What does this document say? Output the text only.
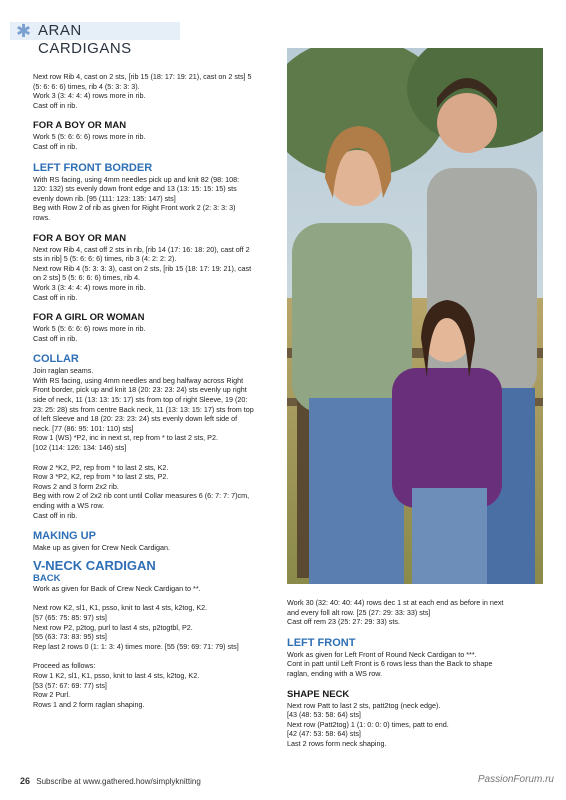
✱ ARAN CARDIGANS

Next row Rib 4, cast on 2 sts, [rib 15 (18: 17: 19: 21), cast on 2 sts] 5

(5: 6: 6: 6) times, rib 4 (5: 3: 3: 3).

Work 3 (3: 4: 4: 4) rows more in rib.

Cast off in rib.

FOR A BOY OR MAN

Work 5 (5: 6: 6: 6) rows more in rib.

Cast off in rib.

LEFT FRONT BORDER

With RS facing, using 4mm needles pick up and knit 82 (98: 108:

120: 132) sts evenly down front edge and 13 (13: 15: 15: 15) sts

evenly down rib. [95 (111: 123: 135: 147) sts]

Beg with Row 2 of rib as given for Right Front work 2 (2: 3: 3: 3)

rows.

FOR A BOY OR MAN

Next row Rib 4, cast off 2 sts in rib, [rib 14 (17: 16: 18: 20), cast off 2

sts in rib] 5 (5: 6: 6: 6) times, rib 3 (4: 2: 2: 2).

Next row Rib 4 (5: 3: 3: 3), cast on 2 sts, [rib 15 (18: 17: 19: 21), cast

on 2 sts] 5 (5: 6: 6: 6) times, rib 4.

Work 3 (3: 4: 4: 4) rows more in rib.

Cast off in rib.

FOR A GIRL OR WOMAN

Work 5 (5: 6: 6: 6) rows more in rib.

Cast off in rib.

COLLAR

Join raglan seams.

With RS facing, using 4mm needles and beg halfway across Right

Front border, pick up and knit 18 (20: 23: 23: 24) sts evenly up right

side of neck, 11 (13: 13: 15: 17) sts from top of right Sleeve, 19 (20:

23: 25: 28) sts from centre Back neck, 11 (13: 13: 15: 17) sts from top

of left Sleeve and 18 (20: 23: 23: 24) sts evenly down left side of

neck. [77 (86: 95: 101: 110) sts]

Row 1 (WS) *P2, inc in next st, rep from * to last 2 sts, P2.

[102 (114: 126: 134: 146) sts]

Row 2 *K2, P2, rep from * to last 2 sts, K2.

Row 3 *P2, K2, rep from * to last 2 sts, P2.

Rows 2 and 3 form 2x2 rib.

Beg with row 2 of 2x2 rib cont until Collar measures 6 (6: 7: 7: 7)cm,

ending with a WS row.

Cast off in rib.

MAKING UP

Make up as given for Crew Neck Cardigan.

V-NECK CARDIGAN
BACK

Work as given for Back of Crew Neck Cardigan to **.

Next row K2, sl1, K1, psso, knit to last 4 sts, k2tog, K2.

[57 (65: 75: 85: 97) sts]

Next row P2, p2tog, purl to last 4 sts, p2togtbl, P2.

[55 (63: 73: 83: 95) sts]

Rep last 2 rows 0 (1: 1: 3: 4) times more. [55 (59: 69: 71: 79) sts]

Proceed as follows:

Row 1 K2, sl1, K1, psso, knit to last 4 sts, k2tog, K2.

[53 (57: 67: 69: 77) sts]

Row 2 Purl.

Rows 1 and 2 form raglan shaping.

Work 30 (32: 40: 40: 44) rows dec 1 st at each end as before in next

and every foll alt row. [25 (27: 29: 33: 33) sts]

Cast off rem 23 (25: 27: 29: 33) sts.

LEFT FRONT

Work as given for Left Front of Round Neck Cardigan to ***.

Cont in patt until Left Front is 6 rows less than the Back to shape

raglan, ending with a WS row.

SHAPE NECK

Next row Patt to last 2 sts, patt2tog (neck edge).

[43 (48: 53: 58: 64) sts]

Next row (Patt2tog) 1 (1: 0: 0: 0) times, patt to end.

[42 (47: 53: 58: 64) sts]

Last 2 rows form neck shaping.

26 Subscribe at www.gathered.how/simplyknitting	PassionForum.ru
